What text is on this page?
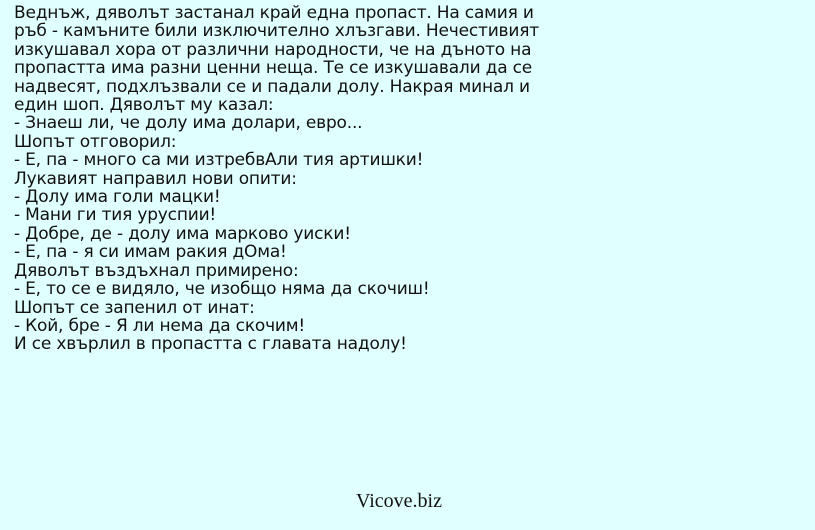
Веднъж, дяволът застанал край една пропаст. На самия и
ръб - камъните били изключително хлъзгави. Нечестивият
изкушавал хора от различни народности, че на дъното на
пропастта има разни ценни неща. Те се изкушавали да се
надвесят, подхлъзвали се и падали долу. Накрая минал и
един шоп. Дяволът му казал:
- Знаеш ли, че долу има долари, евро...
Шопът отговорил:
- Е, па - много са ми изтребвАли тия артишки!
Лукавият направил нови опити:
- Долу има голи мацки!
- Мани ги тия уруспии!
- Добре, де - долу има марково уиски!
- Е, па - я си имам ракия дОма!
Дяволът въздъхнал примирено:
- Е, то се е видяло, че изобщо няма да скочиш!
Шопът се запенил от инат:
- Кой, бре - Я ли нема да скочим!
И се хвърлил в пропастта с главата надолу!
Vicove.biz
